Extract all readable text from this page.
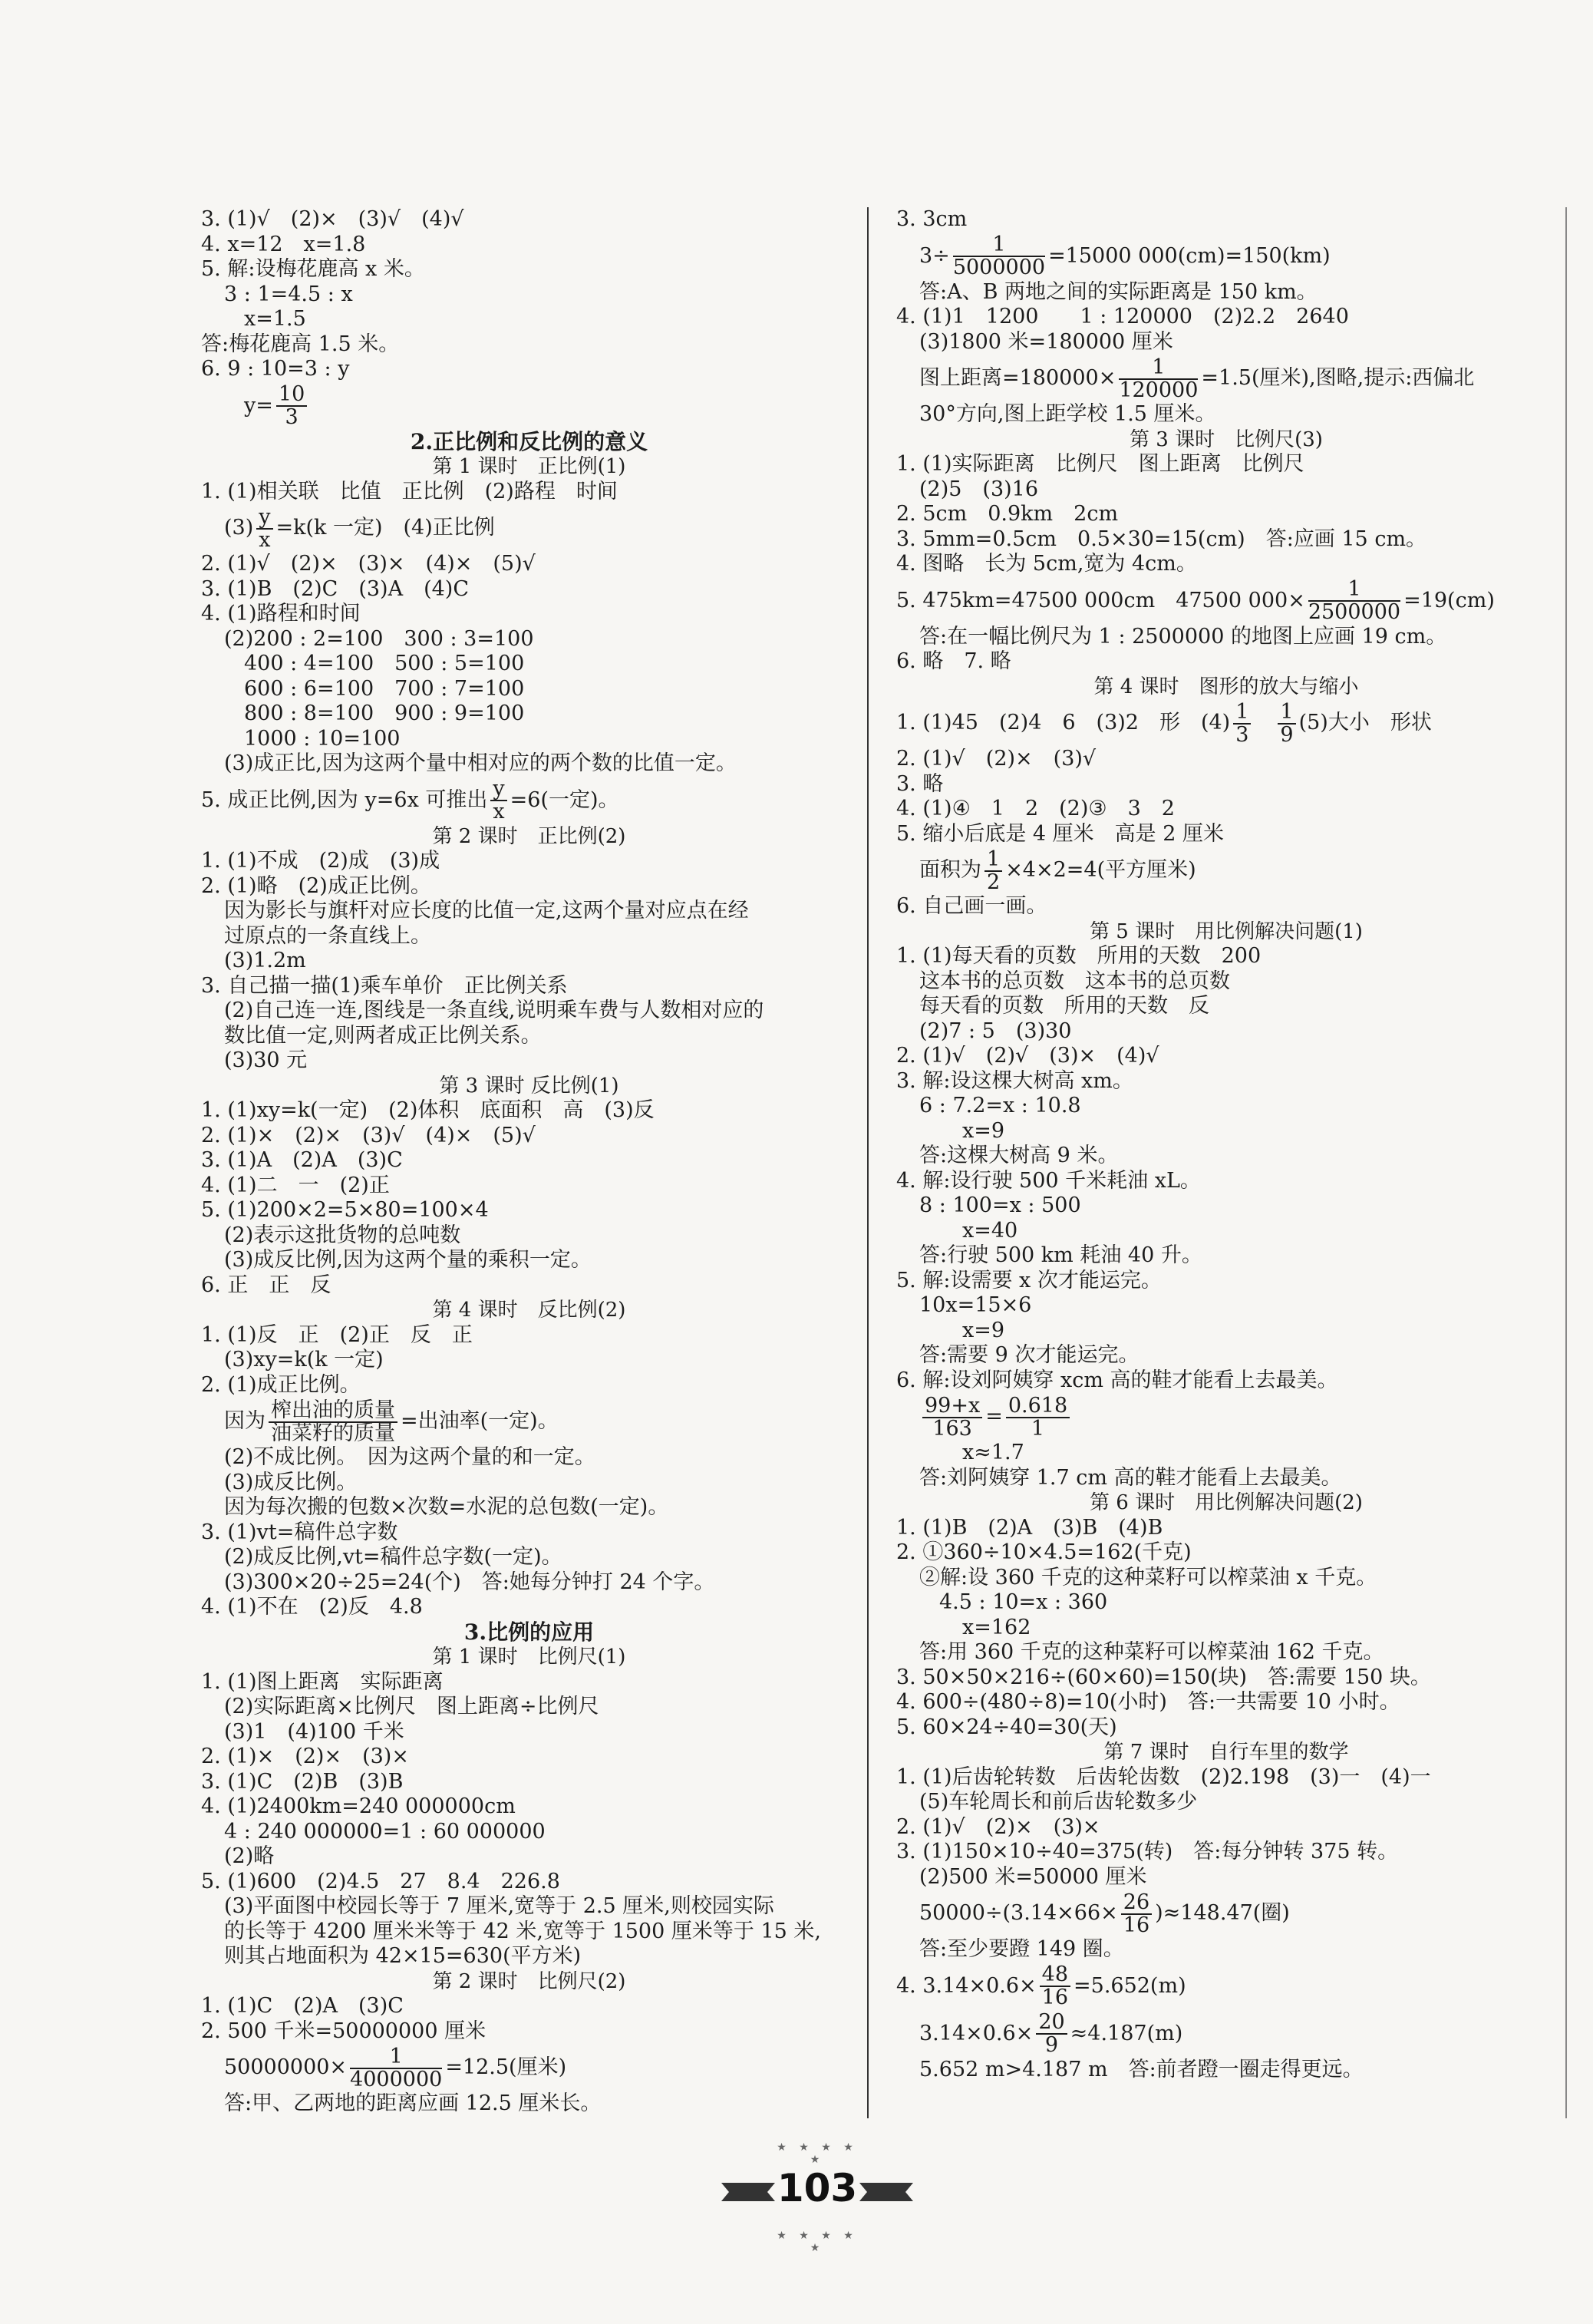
3. (1)√　(2)×　(3)√　(4)√
4. x=12　x=1.8
5. 解:设梅花鹿高 x 米。
3 : 1=4.5 : x
x=1.5
答:梅花鹿高 1.5 米。
6. 9 : 10=3 : y
$y= \frac{10}{3}$
2.正比例和反比例的意义
第 1 课时　正比例(1)
1. (1)相关联　比值　正比例　(2)路程　时间
$(3) \frac{y}{x} =k(k$ 一定)　(4)正比例
2. (1)√　(2)×　(3)×　(4)×　(5)√
3. (1)B　(2)C　(3)A　(4)C
4. (1)路程和时间
(2)200 : 2=100　300 : 3=100
400 : 4=100　500 : 5=100
600 : 6=100　700 : 7=100
800 : 8=100　900 : 9=100
1000 : 10=100
(3)成正比,因为这两个量中相对应的两个数的比值一定。
5. 成正比例,因为 y=6x 可推出 $\frac{y}{x} =6$(一定)。
第 2 课时　正比例(2)
1. (1)不成　(2)成　(3)成
2. (1)略　(2)成正比例。
因为影长与旗杆对应长度的比值一定,这两个量对应点在经
过原点的一条直线上。
(3)1.2m
3. 自己描一描(1)乘车单价　正比例关系
(2)自己连一连,图线是一条直线,说明乘车费与人数相对应的
数比值一定,则两者成正比例关系。
(3)30 元
第 3 课时 反比例(1)
1. (1)xy=k(一定)　(2)体积　底面积　高　(3)反
2. (1)×　(2)×　(3)√　(4)×　(5)√
3. (1)A　(2)A　(3)C
4. (1)二　一　(2)正
5. (1)200×2=5×80=100×4
(2)表示这批货物的总吨数
(3)成反比例,因为这两个量的乘积一定。
6. 正　正　反
第 4 课时　反比例(2)
1. (1)反　正　(2)正　反　正
(3)xy=k(k 一定)
2. (1)成正比例。
因为 $\frac{\text{榨出油的质量}}{\text{油菜籽的质量}}$ =出油率(一定)。
(2)不成比例。　因为这两个量的和一定。
(3)成反比例。
因为每次搬的包数×次数=水泥的总包数(一定)。
3. (1)vt=稿件总字数
(2)成反比例,vt=稿件总字数(一定)。
(3)300×20÷25=24(个)　答:她每分钟打 24 个字。
4. (1)不在　(2)反　4.8
3.比例的应用
第 1 课时　比例尺(1)
1. (1)图上距离　实际距离
(2)实际距离×比例尺　图上距离÷比例尺
(3)1　(4)100 千米
2. (1)×　(2)×　(3)×
3. (1)C　(2)B　(3)B
4. (1)2400km=240 000000cm
4 : 240 000000=1 : 60 000000
(2)略
5. (1)600　(2)4.5　27　8.4　226.8
(3)平面图中校园长等于 7 厘米,宽等于 2.5 厘米,则校园实际
的长等于 4200 厘米米等于 42 米,宽等于 1500 厘米等于 15 米,
则其占地面积为 42×15=630(平方米)
第 2 课时　比例尺(2)
1. (1)C　(2)A　(3)C
2. 500 千米=50000000 厘米
$50000000\times \frac{1}{4000000} =12.5$(厘米)
答:甲、乙两地的距离应画 12.5 厘米长。
3. 3cm
$3\div \frac{1}{5000000} =15000$ 000(cm)=150(km)
答:A、B 两地之间的实际距离是 150 km。
4. (1)1　1200　　1 : 120000　(2)2.2　2640
(3)1800 米=180000 厘米
图上距离$=180000\times \frac{1}{120000} =1.5$(厘米),图略,提示:西偏北
30°方向,图上距学校 1.5 厘米。
第 3 课时　比例尺(3)
1. (1)实际距离　比例尺　图上距离　比例尺
(2)5　(3)16
2. 5cm　0.9km　2cm
3. 5mm=0.5cm　0.5×30=15(cm)　答:应画 15 cm。
4. 图略　长为 5cm,宽为 4cm。
5. 475km=47500 000cm　47500 $000\times \frac{1}{2500000} =19(cm)$
答:在一幅比例尺为 1 : 2500000 的地图上应画 19 cm。
6. 略　7. 略
第 4 课时　图形的放大与缩小
1. (1)45　(2)4　6　(3)2　形　$(4) \frac{1}{3}$
　 $\frac{1}{9} (5)$大小　形状
2. (1)√　(2)×　(3)√
3. 略
4. (1)④　1　2　(2)③　3　2
5. 缩小后底是 4 厘米　高是 2 厘米
面积为 $\frac{1}{2} \times 4\times 2=4$(平方厘米)
6. 自己画一画。
第 5 课时　用比例解决问题(1)
1. (1)每天看的页数　所用的天数　200
这本书的总页数　这本书的总页数
每天看的页数　所用的天数　反
(2)7 : 5　(3)30
2. (1)√　(2)√　(3)×　(4)√
3. 解:设这棵大树高 xm。
6 : 7.2=x : 10.8
x=9
答:这棵大树高 9 米。
4. 解:设行驶 500 千米耗油 xL。
8 : 100=x : 500
x=40
答:行驶 500 km 耗油 40 升。
5. 解:设需要 x 次才能运完。
10x=15×6
x=9
答:需要 9 次才能运完。
6. 解:设刘阿姨穿 xcm 高的鞋才能看上去最美。
$\frac{99+x}{163} = \frac{0.618}{1}$
x≈1.7
答:刘阿姨穿 1.7 cm 高的鞋才能看上去最美。
第 6 课时　用比例解决问题(2)
1. (1)B　(2)A　(3)B　(4)B
2. ①360÷10×4.5=162(千克)
②解:设 360 千克的这种菜籽可以榨菜油 x 千克。
4.5 : 10=x : 360
x=162
答:用 360 千克的这种菜籽可以榨菜油 162 千克。
3. 50×50×216÷(60×60)=150(块)　答:需要 150 块。
4. 600÷(480÷8)=10(小时)　答:一共需要 10 小时。
5. 60×24÷40=30(天)
第 7 课时　自行车里的数学
1. (1)后齿轮转数　后齿轮齿数　(2)2.198　(3)一　(4)一
(5)车轮周长和前后齿轮数多少
2. (1)√　(2)×　(3)×
3. (1)150×10÷40=375(转)　答:每分钟转 375 转。
(2)500 米=50000 厘米
$50000\div(3.14\times 66\times \frac{26}{16} )\approx 148.47$(圈)
答:至少要蹬 149 圈。
4. $3.14\times 0.6\times \frac{48}{16} =5.652(m)$
$3.14\times 0.6\times \frac{20}{9} \approx 4.187(m)$
5.652 m>4.187 m　答:前者蹬一圈走得更远。
★ ★ ★ ★ ★
103
★ ★ ★ ★ ★
